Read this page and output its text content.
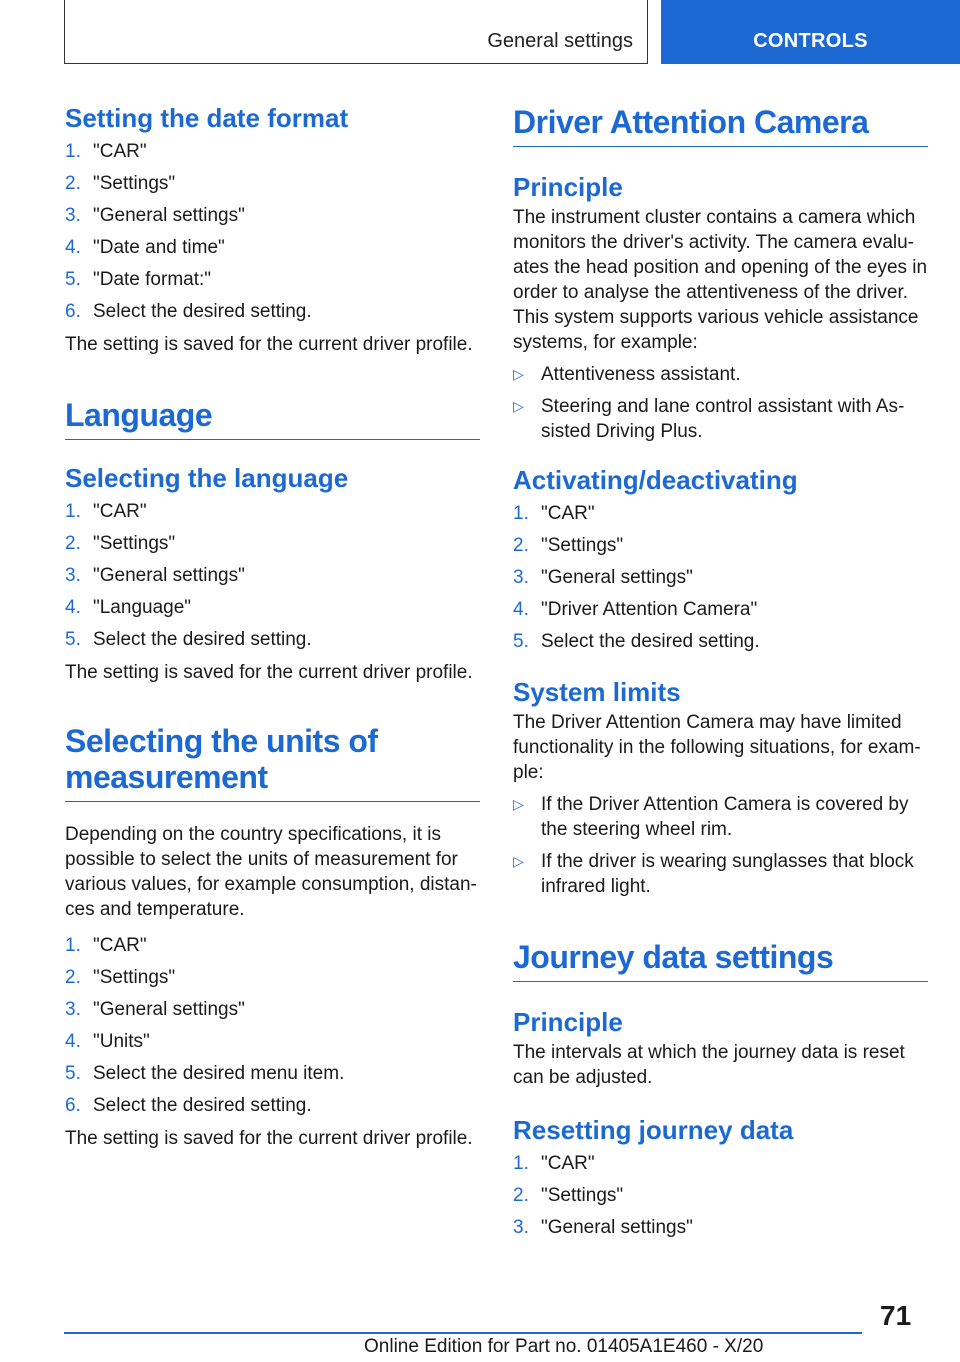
General settings	CONTROLS
Setting the date format
1. "CAR"
2. "Settings"
3. "General settings"
4. "Date and time"
5. "Date format:"
6. Select the desired setting.

The setting is saved for the current driver profile.

Language
Selecting the language
1. "CAR"
2. "Settings"
3. "General settings"
4. "Language"
5. Select the desired setting.

The setting is saved for the current driver profile.

Selecting the units of
measurement

Depending on the country specifications, it is possible to select the units of measurement for various values, for example consumption, distan-ces and temperature.

1. "CAR"
2. "Settings"
3. "General settings"
4. "Units"
5. Select the desired menu item.
6. Select the desired setting.

The setting is saved for the current driver profile.

Driver Attention Camera
Principle

The instrument cluster contains a camera which monitors the driver's activity. The camera evalu-ates the head position and opening of the eyes in order to analyse the attentiveness of the driver. This system supports various vehicle assistance systems, for example:

▷ Attentiveness assistant.
▷ Steering and lane control assistant with As-sisted Driving Plus.
Activating/deactivating
1. "CAR"
2. "Settings"
3. "General settings"
4. "Driver Attention Camera"
5. Select the desired setting.
System limits

The Driver Attention Camera may have limited functionality in the following situations, for exam-ple:

▷ If the Driver Attention Camera is covered by the steering wheel rim.
▷ If the driver is wearing sunglasses that block infrared light.
Journey data settings
Principle

The intervals at which the journey data is reset can be adjusted.

Resetting journey data
1. "CAR"
2. "Settings"
3. "General settings"
71
Online Edition for Part no. 01405A1E460 - X/20
